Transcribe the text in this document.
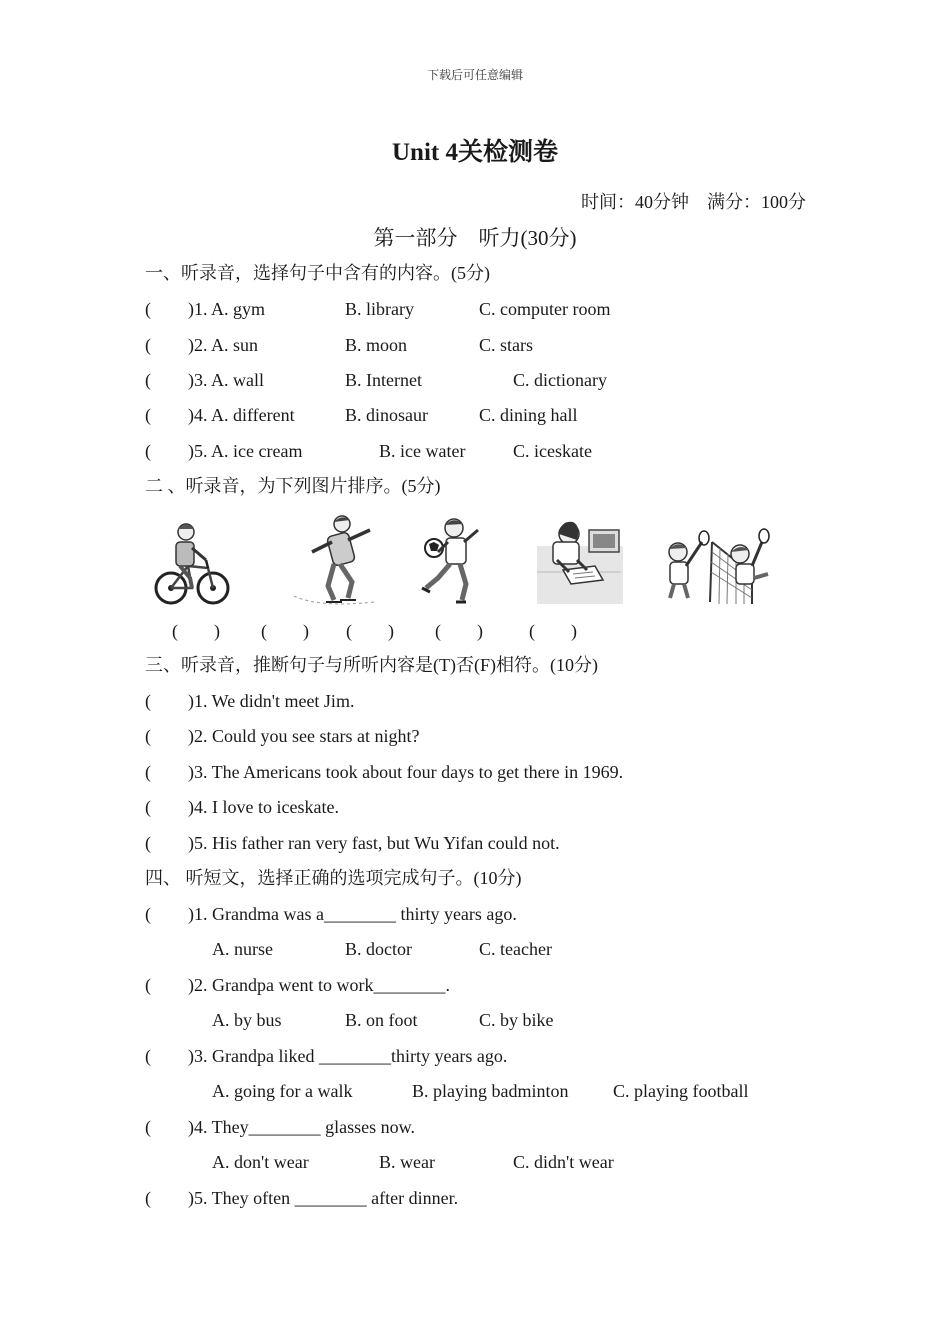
下载后可任意编辑
Unit 4关检测卷
时间：40分钟　满分：100分
第一部分　听力(30分)
一、听录音，选择句子中含有的内容。(5分)
( )1. A. gym	B. library	C. computer room
( )2. A. sun	B. moon	C. stars
( )3. A. wall	B. Internet	C. dictionary
( )4. A. different	B. dinosaur	C. dining hall
( )5. A. ice cream	B. ice water	C. iceskate
二 、听录音，为下列图片排序。(5分)
(　　) (　　) (　　) (　　)	(　　)
三、听录音，推断句子与所听内容是(T)否(F)相符。(10分)
( )1. We didn't meet Jim.
( )2. Could you see stars at night?
( )3. The Americans took about four days to get there in 1969.
( )4. I love to iceskate.
( )5. His father ran very fast, but Wu Yifan could not.
四、 听短文，选择正确的选项完成句子。(10分)
( )1. Grandma was a________ thirty years ago.
A. nurse	B. doctor	C. teacher
( )2. Grandpa went to work________.
A. by bus	B. on foot	C. by bike
( )3. Grandpa liked ________thirty years ago.
A. going for a walk	B. playing badminton C. playing football
( )4. They________ glasses now.
A. don't wear	B. wear	C. didn't wear
( )5. They often ________ after dinner.
